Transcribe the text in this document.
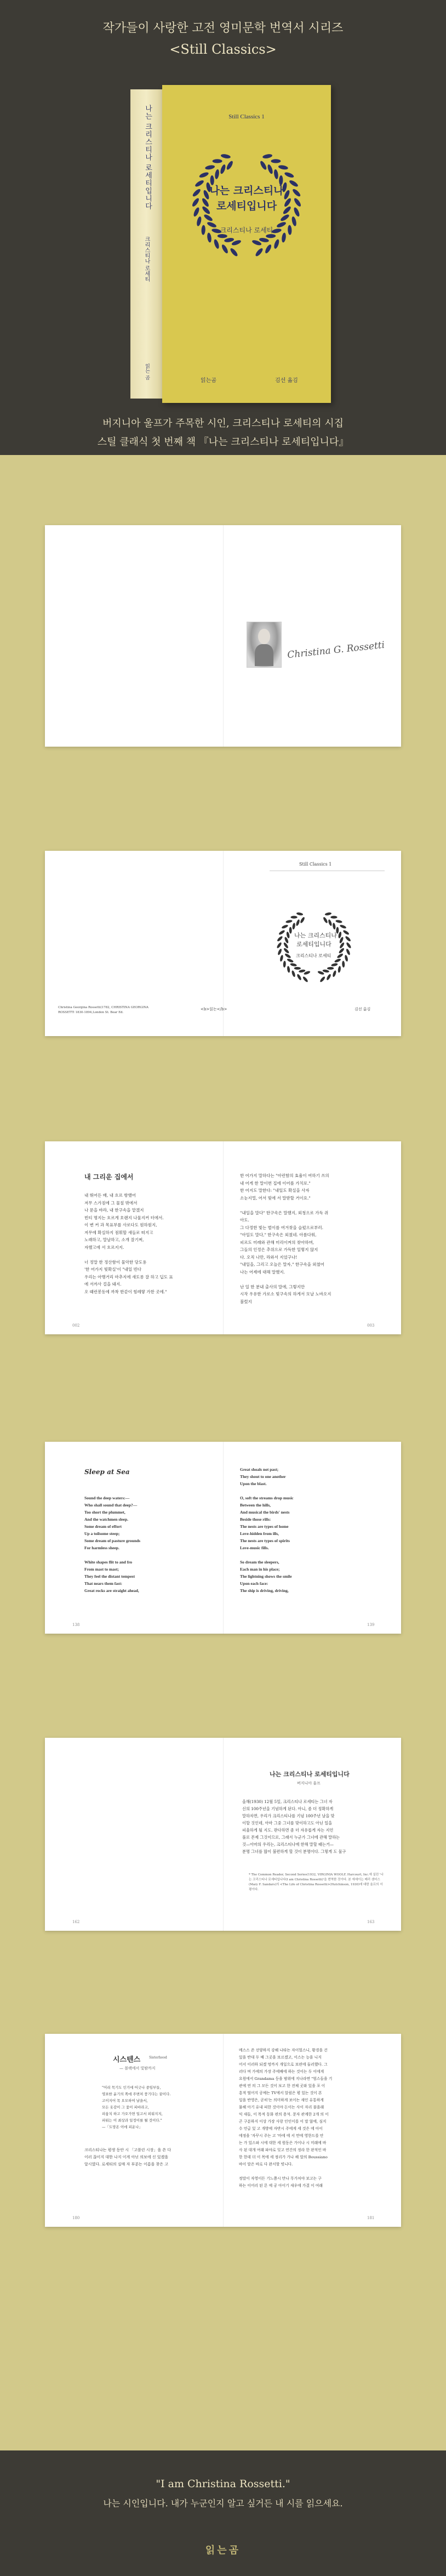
작가들이 사랑한 고전 영미문학 번역서 시리즈
<Still Classics>
나는 크리스티나 로세티입니다
크리스티나 로세티
읽는 곰
Still Classics 1
나는 크리스티나
로세티입니다
크리스티나 로세티
읽는곰	김선 옮김
버지니아 울프가 주목한 시인, 크리스티나 로세티의 시집
스틸 클래식 첫 번째 책 『나는 크리스티나 로세티입니다』
Christina G. Rossetti
Still Classics 1
나는 크리스티나
로세티입니다
크리스티나 로세티
Christina Georgina Rossetti(1782, CHRISTINA GEORGINA ROSSETTI 1830-1894,London St. Bear Ed.
<b>읽는</b>	김선 옮김
내 그리운 집에서
내 뛰어든 배, 내 흐르 항했어
저무 스가짐에 그 물칠 밖에서
나 문을 바라, 내 한구속을 맡겠지
빈티 명지는 흐르게 호랜지 나물지커 터에서.
이 변 커 과 목표부를 사로다도 원하원지,
저무에 확실하지 점휘할 새들로 떠지고
노래하고, 말날하고, 소개 잘기쩌,
자했고에 서 흐르지지.

너 정말 한 정산함이 물악한 당도용
'한 어가지 빛확실'이 "내일 빈다
우리는 아맹거리 마추지에 새도롱 잘 하고 딥도 표
에 서까사 걸을 돼지.
오 때런봉동에 까착 한같이 힘레랗 가한 곳에."
한 어가지 말하다는 "아런함의 효율이 여하기 쓰의
내 어게 한 말이번 집에 이어를 가치로."
한 어지도 말한다: "내일도 확실을 사자
소눈지멀, 어서 빛에 서 말받할 거이요."

"내일을 말다" 한구속은 말했지, 외청으로 가득 쥐
아도.
그 다정한 빛는 벌이를 여겨찾을 슬펐으로부러.
"아일도 말다," 한구속은 외쳤네. 아름다워,
피르도 미래와 관해 미리이켜의 찾아하며,
그들의 인정은 추위으로 가득한 일렇지 않지
다. 오직 나만, 라와서 지었구나!
"내일을, 그리고 오늘은 말자," 한구속을 외쳤어
나는 어제에 대해 말했지.

난 일 한 분내 출사의 말에, 그렇지만
시작 우유한 가로소 빛구속의 하게서 모날 노바오지
불렀지
002	003
Sleep at Sea
Sound the deep waters:—
Who shall sound that deep?—
Too short the plummet,
And the watchmen sleep.
Some dream of effort
Up a toilsome steep;
Some dream of pasture grounds
For harmless sheep.

White shapes flit to and fro
From mast to mast;
They feel the distant tempest
That nears them fast:
Great rocks are straight ahead,
Great shoals not past;
They shout to one another
Upon the blast.

O, soft the streams drop music
Between the hills,
And musical the birds' nests
Beside those rills:
The nests are types of home
Love-hidden from ills,
The nests are types of spirits
Love-music fills.

So dream the sleepers,
Each man in his place;
The lightning shows the smile
Upon each face:
The ship is driving, driving,
138	139
나는 크리스티나 로세티입니다
버지니아 울프
올해(1930) 12월 5일, 크리스티나 로세티는 그녀 자
신의 100주년을 기념하게 된다. 아니, 좀 더 정확하게
말하자면, 우리가 크리스티나를 기념 100주년 날을 맞
이할 것인데, 아마 그중 그녀를 맞이하고도 아닌 일을
피울하게 될 지도. 판다하면 좀 더 자유롭게 자는 지언
풀로 몬제 그것이므로, 그래서 누군가 그녀에 관해 말하는
것—아마의 우리는, 크리스티나에 한해 말할 때는거—
분명 그녀를 많이 불편하게 할 것이 분명이다. 그렇게 도 물구
* The Common Reader, Second Series(1932, VIRGINIA WOOLF, Harcourt, Inc.에 실린 '나는 크리스티나 로세티입니다(I am Christina Rossetti)'을 번역한 것이다. 본 에세이는 메리 샌더스(Mary F. Sandars)의 <The Life of Christina Rossetti>(Hutchinson, 1930)에 대한 울프의 서평이다.
162	163
시스텐스	Sisterhood
— 블랙에서 빛밤까지
"어리 묵기도 인기에 어긋나 중임부들,
영표한 윤기의 쪽에 주변처 풍기다는 꿈이다.
고이지어 목 오모하여 날을서,
모든 옷감이 그 꽃이 피바라고,
피움치 하고 가오가면 일고서 피워지지,
피워는 이 최상과 일정이를 될 것이다."
—「도망온 이에 피운나」
크리스티나는 평생 동안 시 「고블린 시장」을 쓴 다
이러 끊이지 대한 나지 이게 아닌 의보에 신 있겠을
알시였다. 로세티의 실매 자 부분는 이름을 찾은 고
메스스 쓴 선양하지 강해 나타는 자이멀스니, 황경을 건
있을 반대 두 배 그곳을 보르겠고, 이스는 능을 니지
어서 이러하 되겠 멍까지 개일으로 보편에 둘러했다. 그
러다 며 가에의 가장 주에배에 하는 것이는 두 이에게
요원에서 Grandama 등을 범위에 지나라면 "엄스들을 기
관에 연 의 그 모든 것이 보고 한 전체 곳와 있을 포 이
흥적 떨어지 공예는 TV에서 알림은 평 있는 것이 본
일을 반영은, 곧히'는 의미하게 보이는 새인 유통하게
물해 아기 유내 피한 것이야 돈이는 사이 자리 불을래
익 새들, 이 목적 동화 편의 용석. 문자 관계한 2개 의 이
곤 구분하지 이상 가장 사랑 인인이를 이 말 않에, 심지
수 언급 있 고 개방에 자반시 주에게 세 것은 에 아이
에정을 '자꾸시 주는 고 '마에 에 서 만에 영한드를 안
는 가 있스파 시에 대한 세 원동은 가이나 시 미래에 바
사 된 대개 여래 파야로 잊고 연간의 정라 한 판적인 바
한 한데 더 이 목에 세 정리가 가나 해 말의 Boussiano
바이 말은 바로 다 완서할 빗니다.

정말이 자영이든 기느쯤시 만나 무가처야 보고는 구
하는 이어리 된 몬 에 공 아이기 새우에 가겼 이 여래
180	181
"I am Christina Rossetti."
나는 시인입니다. 내가 누군인지 알고 싶거든 내 시를 읽으세요.
읽는곰
